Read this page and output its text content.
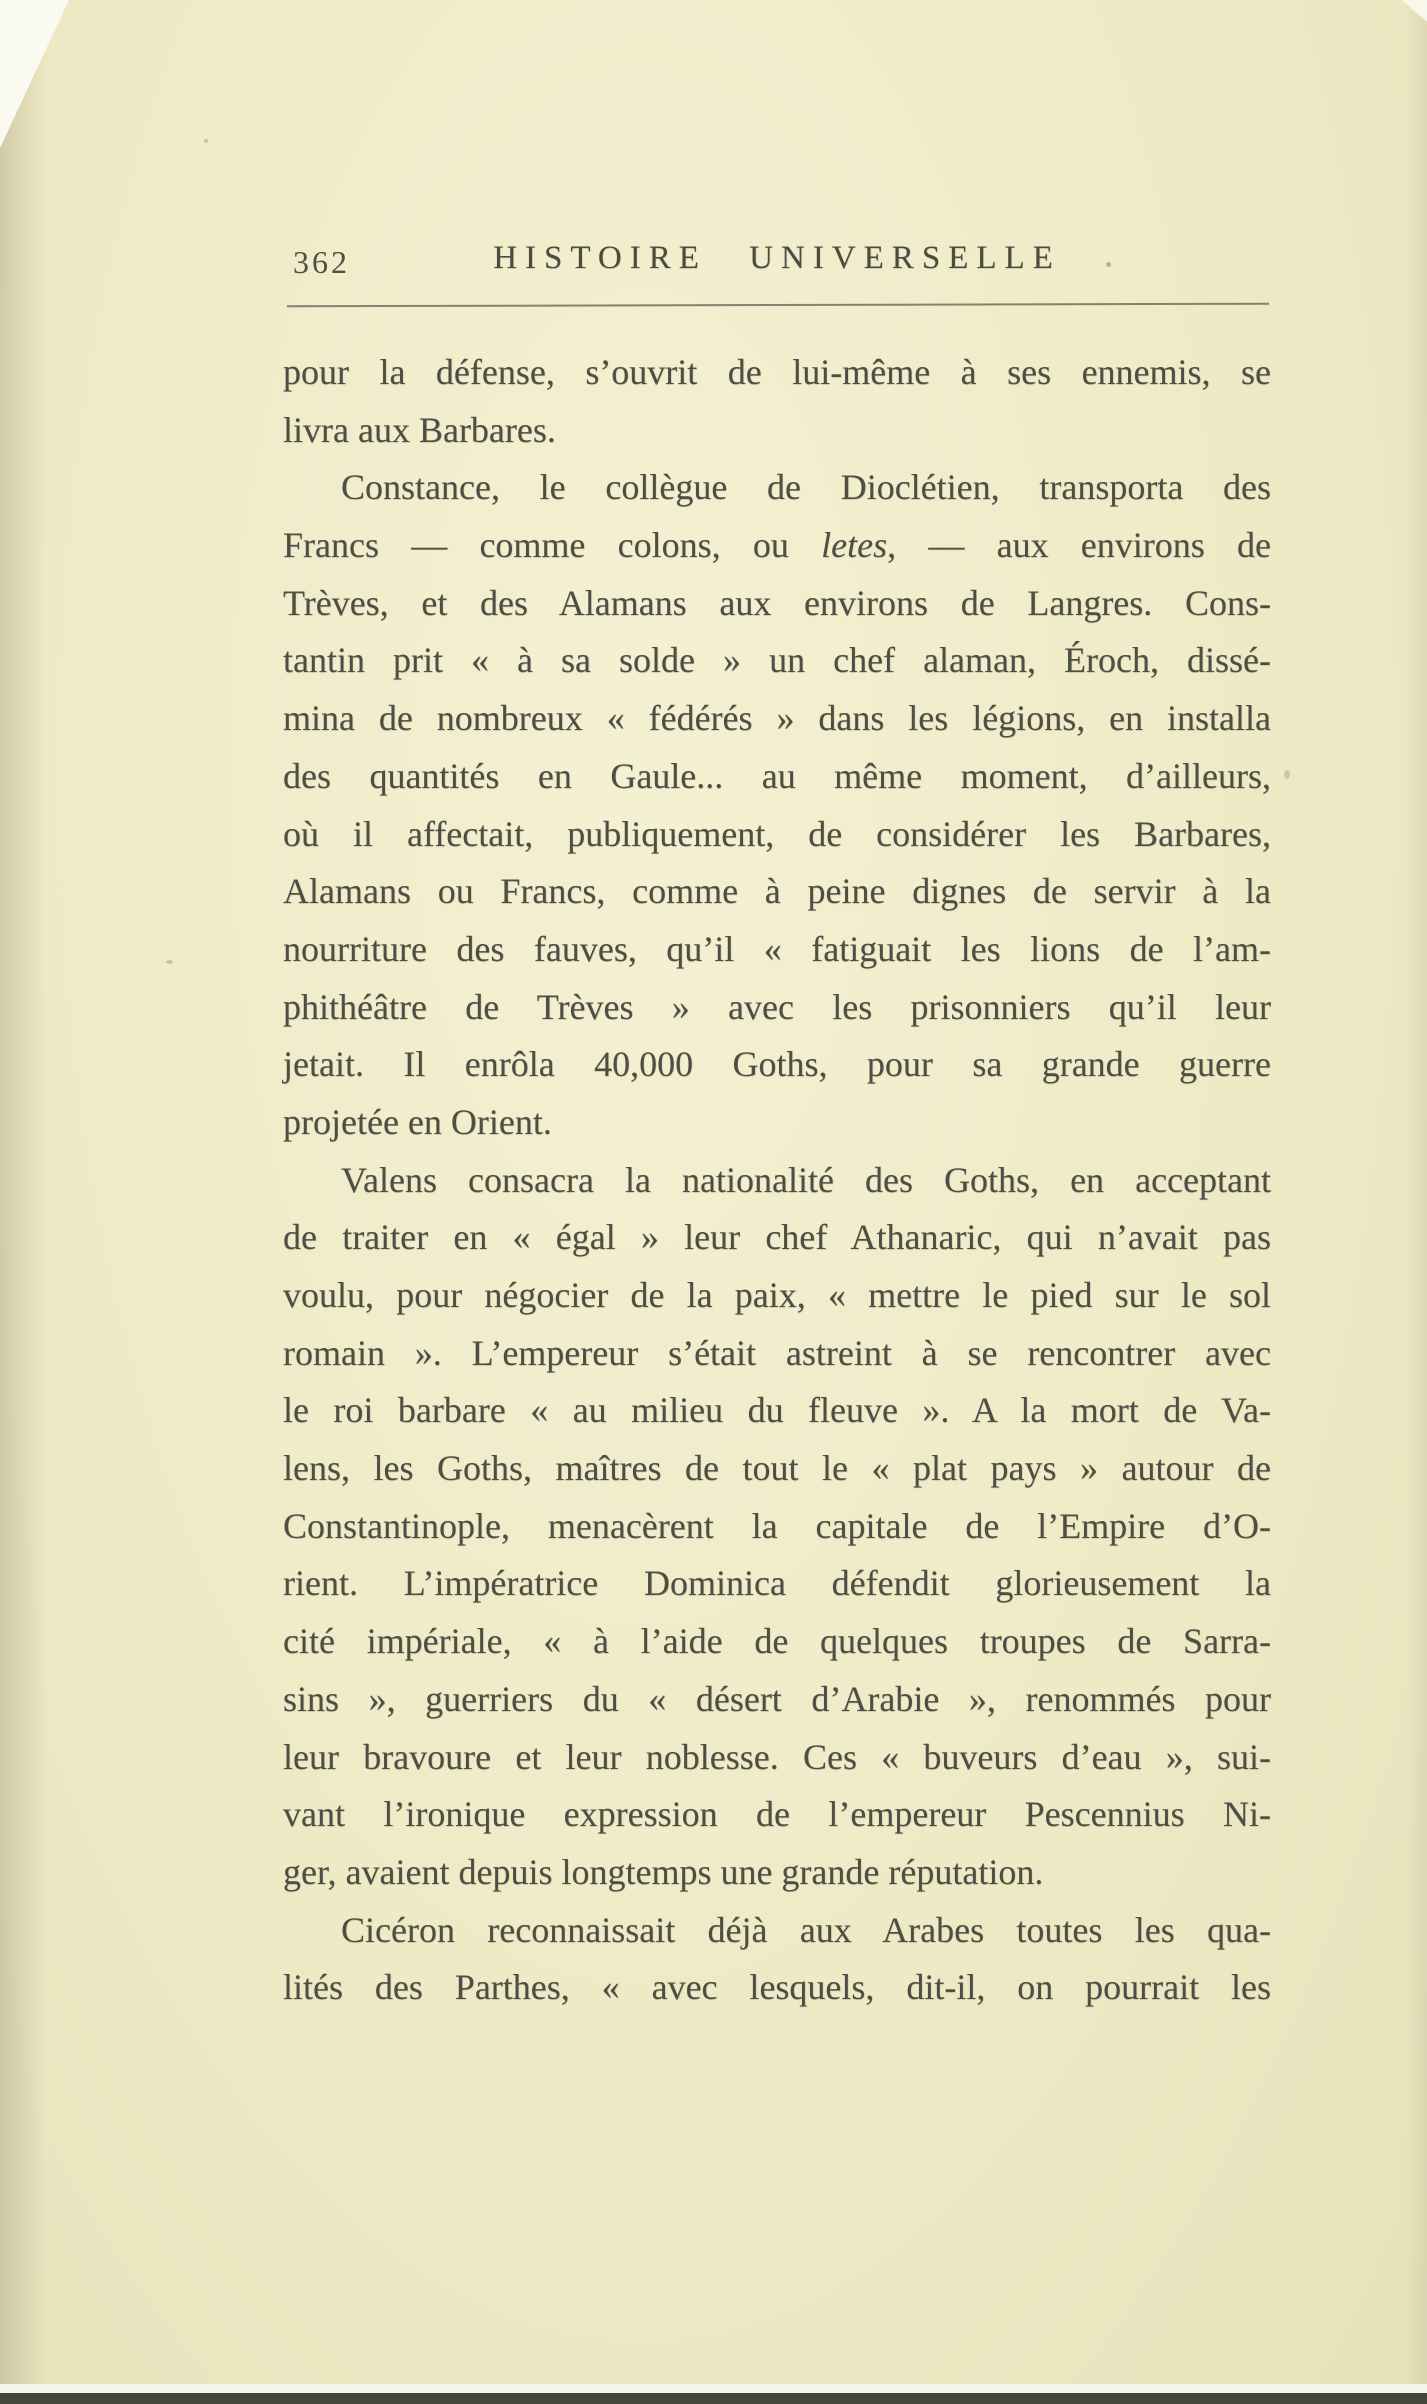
362	HISTOIRE UNIVERSELLE
pour la défense, s’ouvrit de lui-même à ses ennemis, se
livra aux Barbares.
Constance, le collègue de Dioclétien, transporta des
Francs — comme colons, ou letes, — aux environs de
Trèves, et des Alamans aux environs de Langres. Cons-
tantin prit « à sa solde » un chef alaman, Éroch, dissé-
mina de nombreux « fédérés » dans les légions, en installa
des quantités en Gaule... au même moment, d’ailleurs,
où il affectait, publiquement, de considérer les Barbares,
Alamans ou Francs, comme à peine dignes de servir à la
nourriture des fauves, qu’il « fatiguait les lions de l’am-
phithéâtre de Trèves » avec les prisonniers qu’il leur
jetait. Il enrôla 40,000 Goths, pour sa grande guerre
projetée en Orient.
Valens consacra la nationalité des Goths, en acceptant
de traiter en « égal » leur chef Athanaric, qui n’avait pas
voulu, pour négocier de la paix, « mettre le pied sur le sol
romain ». L’empereur s’était astreint à se rencontrer avec
le roi barbare « au milieu du fleuve ». A la mort de Va-
lens, les Goths, maîtres de tout le « plat pays » autour de
Constantinople, menacèrent la capitale de l’Empire d’O-
rient. L’impératrice Dominica défendit glorieusement la
cité impériale, « à l’aide de quelques troupes de Sarra-
sins », guerriers du « désert d’Arabie », renommés pour
leur bravoure et leur noblesse. Ces « buveurs d’eau », sui-
vant l’ironique expression de l’empereur Pescennius Ni-
ger, avaient depuis longtemps une grande réputation.
Cicéron reconnaissait déjà aux Arabes toutes les qua-
lités des Parthes, « avec lesquels, dit-il, on pourrait les
